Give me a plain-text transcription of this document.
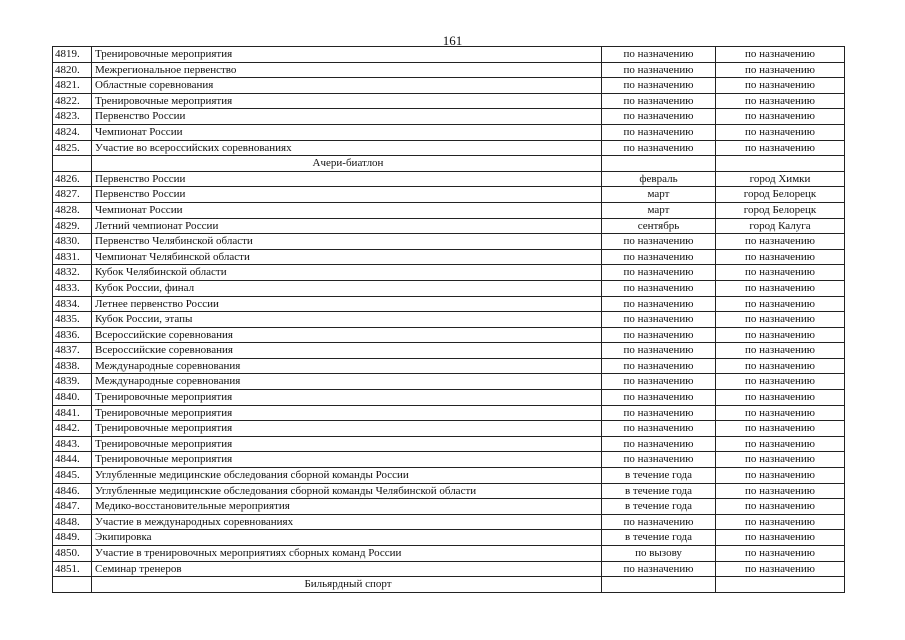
161
4819.	Тренировочные мероприятия	по назначению	по назначению
4820.	Межрегиональное первенство	по назначению	по назначению
4821.	Областные соревнования	по назначению	по назначению
4822.	Тренировочные мероприятия	по назначению	по назначению
4823.	Первенство России	по назначению	по назначению
4824.	Чемпионат России	по назначению	по назначению
4825.	Участие во всероссийских соревнованиях	по назначению	по назначению
	Ачери-биатлон		
4826.	Первенство России	февраль	город Химки
4827.	Первенство России	март	город Белорецк
4828.	Чемпионат России	март	город Белорецк
4829.	Летний чемпионат России	сентябрь	город Калуга
4830.	Первенство Челябинской области	по назначению	по назначению
4831.	Чемпионат Челябинской области	по назначению	по назначению
4832.	Кубок Челябинской области	по назначению	по назначению
4833.	Кубок России, финал	по назначению	по назначению
4834.	Летнее первенство России	по назначению	по назначению
4835.	Кубок России, этапы	по назначению	по назначению
4836.	Всероссийские соревнования	по назначению	по назначению
4837.	Всероссийские соревнования	по назначению	по назначению
4838.	Международные соревнования	по назначению	по назначению
4839.	Международные соревнования	по назначению	по назначению
4840.	Тренировочные мероприятия	по назначению	по назначению
4841.	Тренировочные мероприятия	по назначению	по назначению
4842.	Тренировочные мероприятия	по назначению	по назначению
4843.	Тренировочные мероприятия	по назначению	по назначению
4844.	Тренировочные мероприятия	по назначению	по назначению
4845.	Углубленные медицинские обследования сборной команды России	в течение года	по назначению
4846.	Углубленные медицинские обследования сборной команды Челябинской области	в течение года	по назначению
4847.	Медико-восстановительные мероприятия	в течение года	по назначению
4848.	Участие в международных соревнованиях	по назначению	по назначению
4849.	Экипировка	в течение года	по назначению
4850.	Участие в тренировочных мероприятиях сборных команд России	по вызову	по назначению
4851.	Семинар тренеров	по назначению	по назначению
	Бильярдный спорт		
